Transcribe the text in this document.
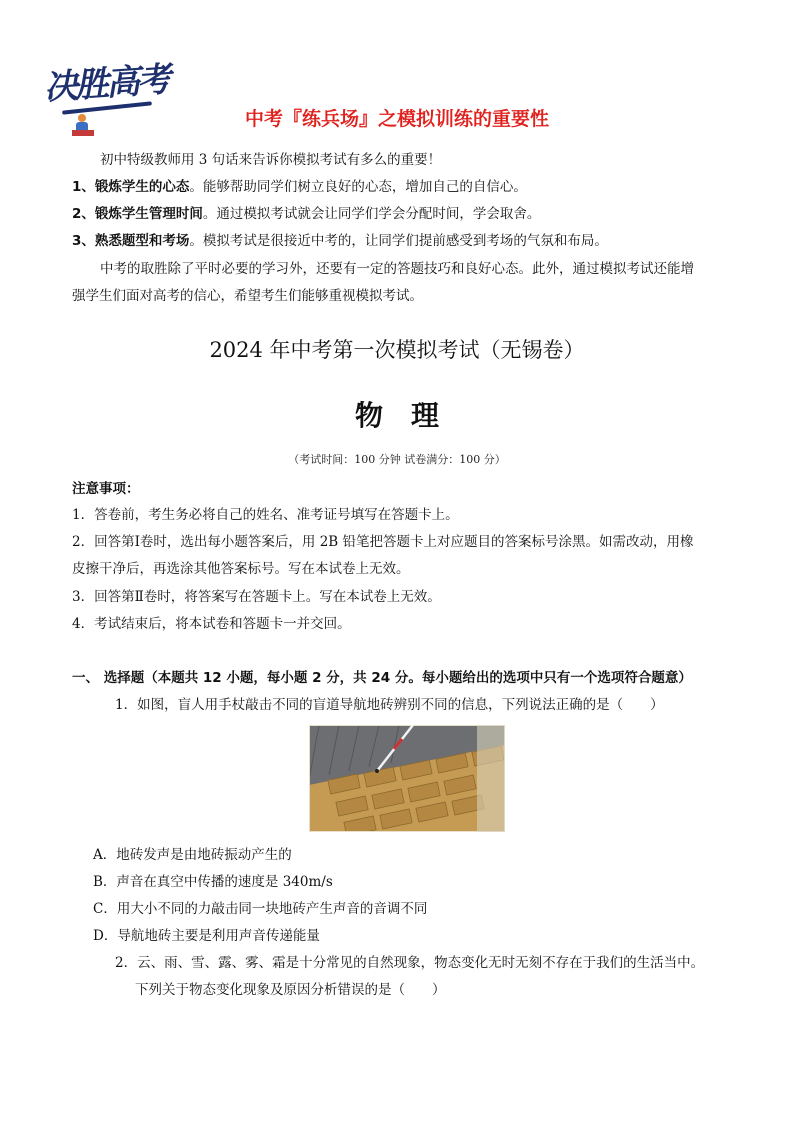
决胜高考
中考『练兵场』之模拟训练的重要性
初中特级教师用 3 句话来告诉你模拟考试有多么的重要！
1、锻炼学生的心态。能够帮助同学们树立良好的心态，增加自己的自信心。
2、锻炼学生管理时间。通过模拟考试就会让同学们学会分配时间，学会取舍。
3、熟悉题型和考场。模拟考试是很接近中考的，让同学们提前感受到考场的气氛和布局。
中考的取胜除了平时必要的学习外，还要有一定的答题技巧和良好心态。此外，通过模拟考试还能增
强学生们面对高考的信心，希望考生们能够重视模拟考试。
2024 年中考第一次模拟考试（无锡卷）
物理
（考试时间：100 分钟 试卷满分：100 分）
注意事项：
1．答卷前，考生务必将自己的姓名、准考证号填写在答题卡上。
2．回答第Ⅰ卷时，选出每小题答案后，用 2B 铅笔把答题卡上对应题目的答案标号涂黑。如需改动，用橡
皮擦干净后，再选涂其他答案标号。写在本试卷上无效。
3．回答第Ⅱ卷时，将答案写在答题卡上。写在本试卷上无效。
4．考试结束后，将本试卷和答题卡一并交回。
一、 选择题（本题共 12 小题，每小题 2 分，共 24 分。每小题给出的选项中只有一个选项符合题意）
1．如图，盲人用手杖敲击不同的盲道导航地砖辨别不同的信息，下列说法正确的是（　　）
A．地砖发声是由地砖振动产生的
B．声音在真空中传播的速度是 340m/s
C．用大小不同的力敲击同一块地砖产生声音的音调不同
D．导航地砖主要是利用声音传递能量
2．云、雨、雪、露、雾、霜是十分常见的自然现象，物态变化无时无刻不存在于我们的生活当中。
下列关于物态变化现象及原因分析错误的是（　　）
